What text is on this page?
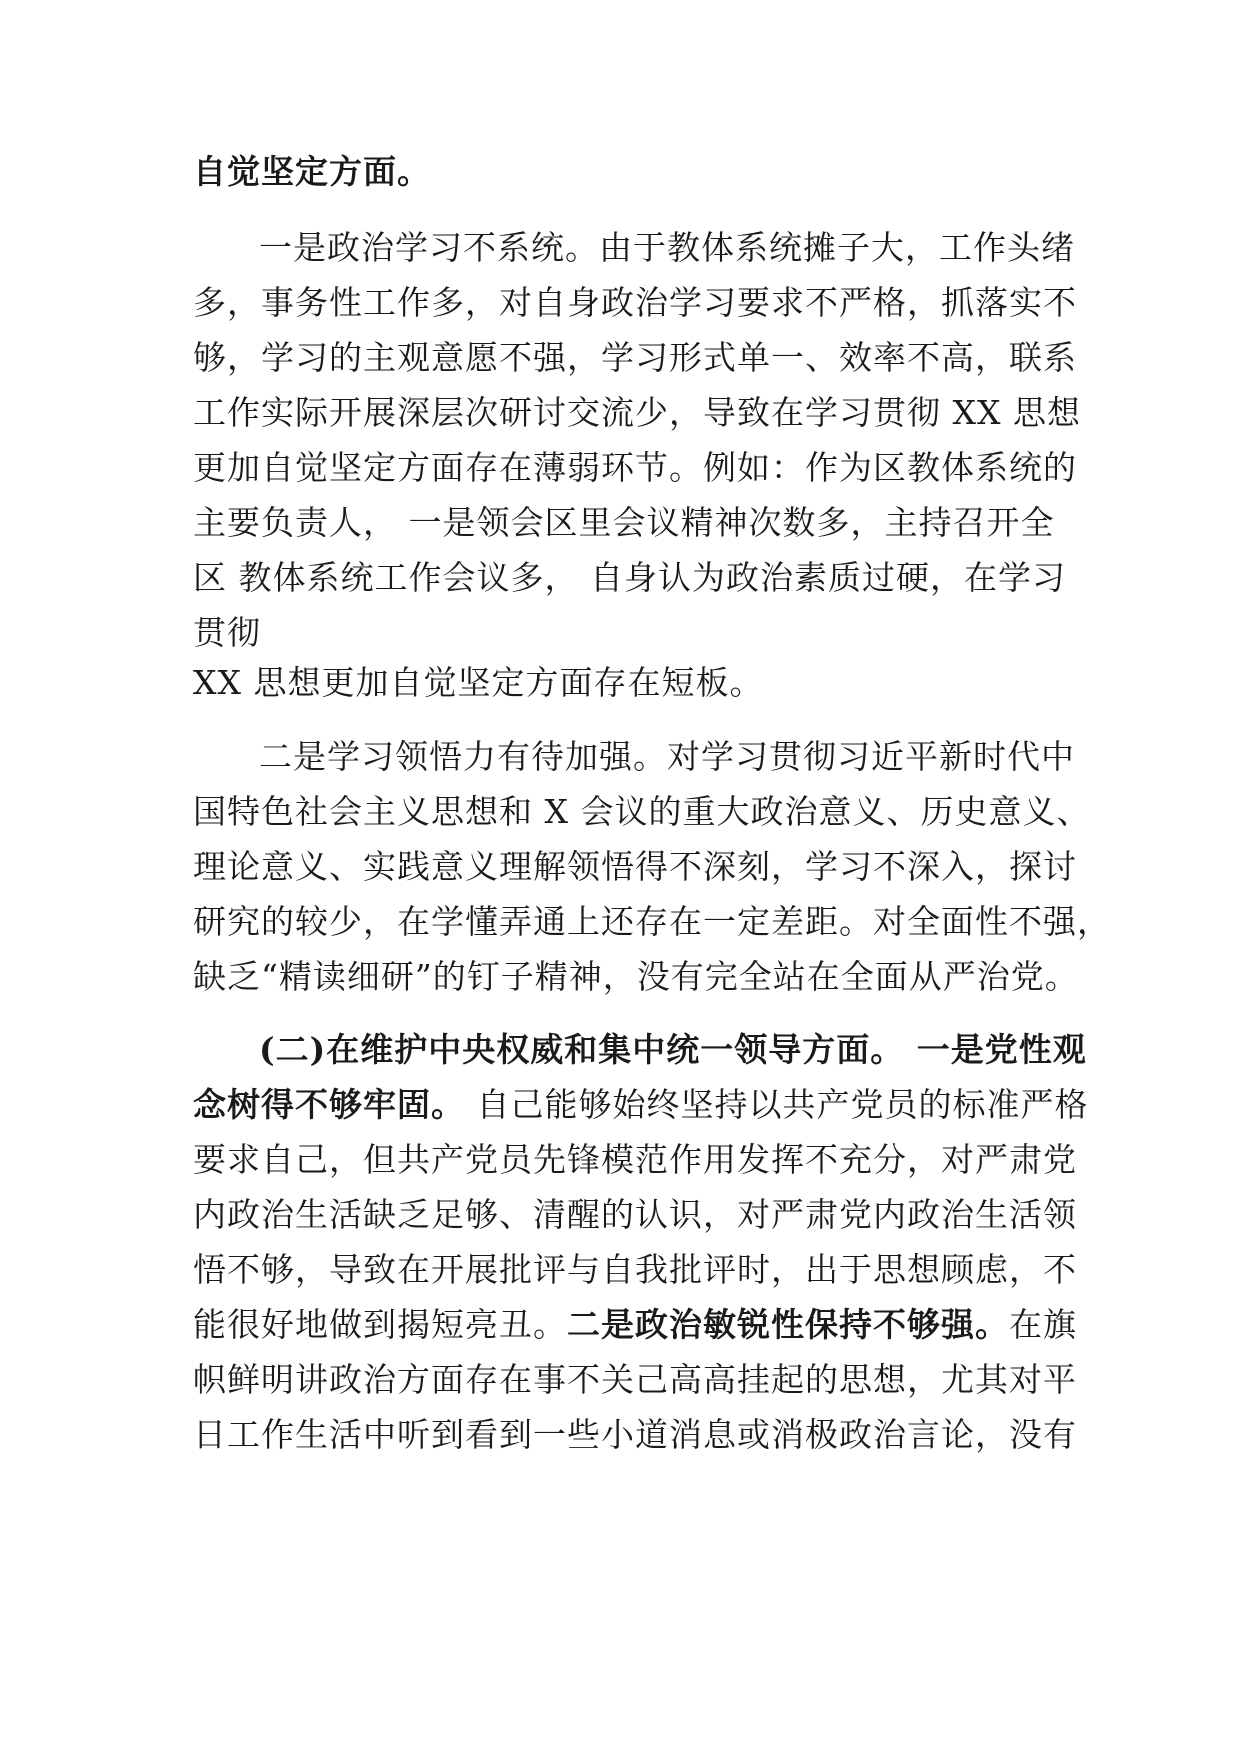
自觉坚定方面。
一是政治学习不系统。由于教体系统摊子大，工作头绪
多，事务性工作多，对自身政治学习要求不严格，抓落实不
够，学习的主观意愿不强，学习形式单一、效率不高，联系
工作实际开展深层次研讨交流少，导致在学习贯彻 XX 思想
更加自觉坚定方面存在薄弱环节。例如：作为区教体系统的
主要负责人， 一是领会区里会议精神次数多，主持召开全
区 教体系统工作会议多， 自身认为政治素质过硬，在学习
贯彻
XX 思想更加自觉坚定方面存在短板。
二是学习领悟力有待加强。对学习贯彻习近平新时代中
国特色社会主义思想和 X 会议的重大政治意义、历史意义、
理论意义、实践意义理解领悟得不深刻，学习不深入，探讨
研究的较少，在学懂弄通上还存在一定差距。对全面性不强，
缺乏“精读细研”的钉子精神，没有完全站在全面从严治党。
(二)在维护中央权威和集中统一领导方面。 一是党性观
念树得不够牢固。 自己能够始终坚持以共产党员的标准严格
要求自己，但共产党员先锋模范作用发挥不充分，对严肃党
内政治生活缺乏足够、清醒的认识，对严肃党内政治生活领
悟不够，导致在开展批评与自我批评时，出于思想顾虑，不
能很好地做到揭短亮丑。二是政治敏锐性保持不够强。在旗
帜鲜明讲政治方面存在事不关己高高挂起的思想，尤其对平
日工作生活中听到看到一些小道消息或消极政治言论，没有
